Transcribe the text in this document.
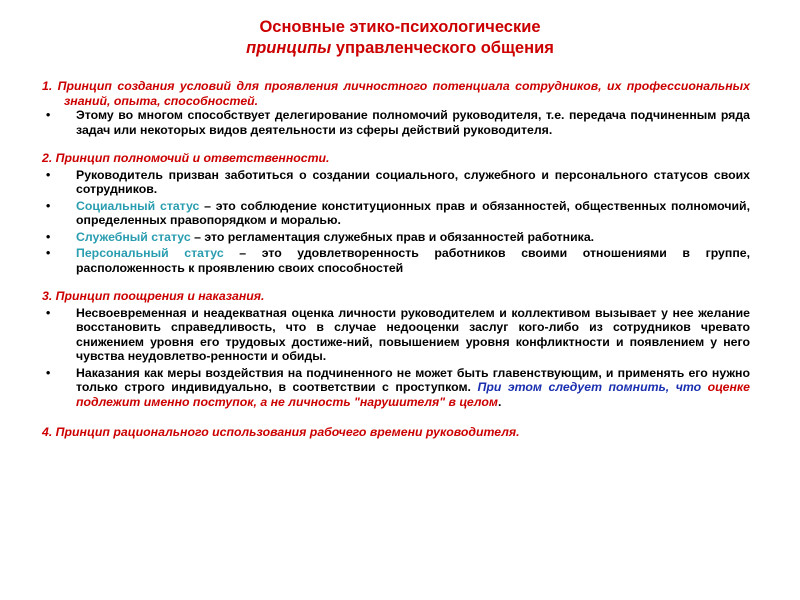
Основные этико-психологические
принципы управленческого общения

1. Принцип создания условий для проявления личностного потенциала сотрудников, их профессиональных знаний, опыта, способностей.

• Этому во многом способствует делегирование полномочий руководителя, т.е. передача подчиненным ряда задач или некоторых видов деятельности из сферы действий руководителя.

2. Принцип полномочий и ответственности.

• Руководитель призван заботиться о создании социального, служебного и персонального статусов своих сотрудников.

• Социальный статус – это соблюдение конституционных прав и обязанностей, общественных полномочий, определенных правопорядком и моралью.

• Служебный статус – это регламентация служебных прав и обязанностей работника.

• Персональный статус – это удовлетворенность работников своими отношениями в группе, расположенность к проявлению своих способностей

3. Принцип поощрения и наказания.

• Несвоевременная и неадекватная оценка личности руководителем и коллективом вызывает у нее желание восстановить справедливость, что в случае недооценки заслуг кого-либо из сотрудников чревато снижением уровня его трудовых достиже-ний, повышением уровня конфликтности и появлением у него чувства неудовлетво-ренности и обиды.

• Наказания как меры воздействия на подчиненного не может быть главенствующим, и применять его нужно только строго индивидуально, в соответствии с проступком. При этом следует помнить, что оценке подлежит именно поступок, а не личность "нарушителя" в целом.

4. Принцип рационального использования рабочего времени руководителя.
